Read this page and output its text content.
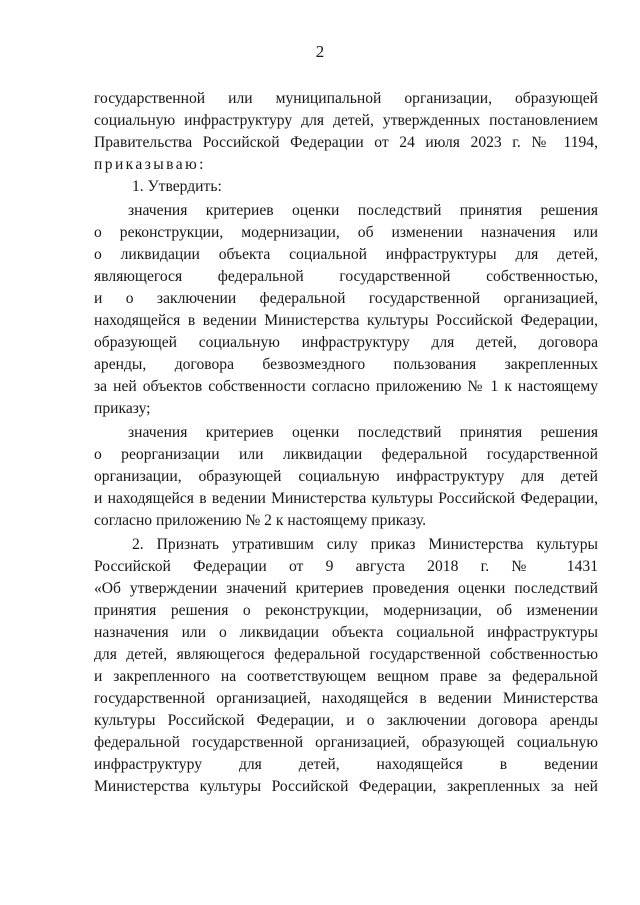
2
государственной или муниципальной организации, образующей
социальную инфраструктуру для детей, утвержденных постановлением
Правительства Российской Федерации от 24 июля 2023 г. № 1194,
приказываю:
1. Утвердить:
значения критериев оценки последствий принятия решения
о реконструкции, модернизации, об изменении назначения или
о ликвидации объекта социальной инфраструктуры для детей,
являющегося федеральной государственной собственностью,
и о заключении федеральной государственной организацией,
находящейся в ведении Министерства культуры Российской Федерации,
образующей социальную инфраструктуру для детей, договора
аренды, договора безвозмездного пользования закрепленных
за ней объектов собственности согласно приложению № 1 к настоящему
приказу;
значения критериев оценки последствий принятия решения
о реорганизации или ликвидации федеральной государственной
организации, образующей социальную инфраструктуру для детей
и находящейся в ведении Министерства культуры Российской Федерации,
согласно приложению № 2 к настоящему приказу.
2. Признать утратившим силу приказ Министерства культуры
Российской Федерации от 9 августа 2018 г. № 1431
«Об утверждении значений критериев проведения оценки последствий
принятия решения о реконструкции, модернизации, об изменении
назначения или о ликвидации объекта социальной инфраструктуры
для детей, являющегося федеральной государственной собственностью
и закрепленного на соответствующем вещном праве за федеральной
государственной организацией, находящейся в ведении Министерства
культуры Российской Федерации, и о заключении договора аренды
федеральной государственной организацией, образующей социальную
инфраструктуру для детей, находящейся в ведении
Министерства культуры Российской Федерации, закрепленных за ней
